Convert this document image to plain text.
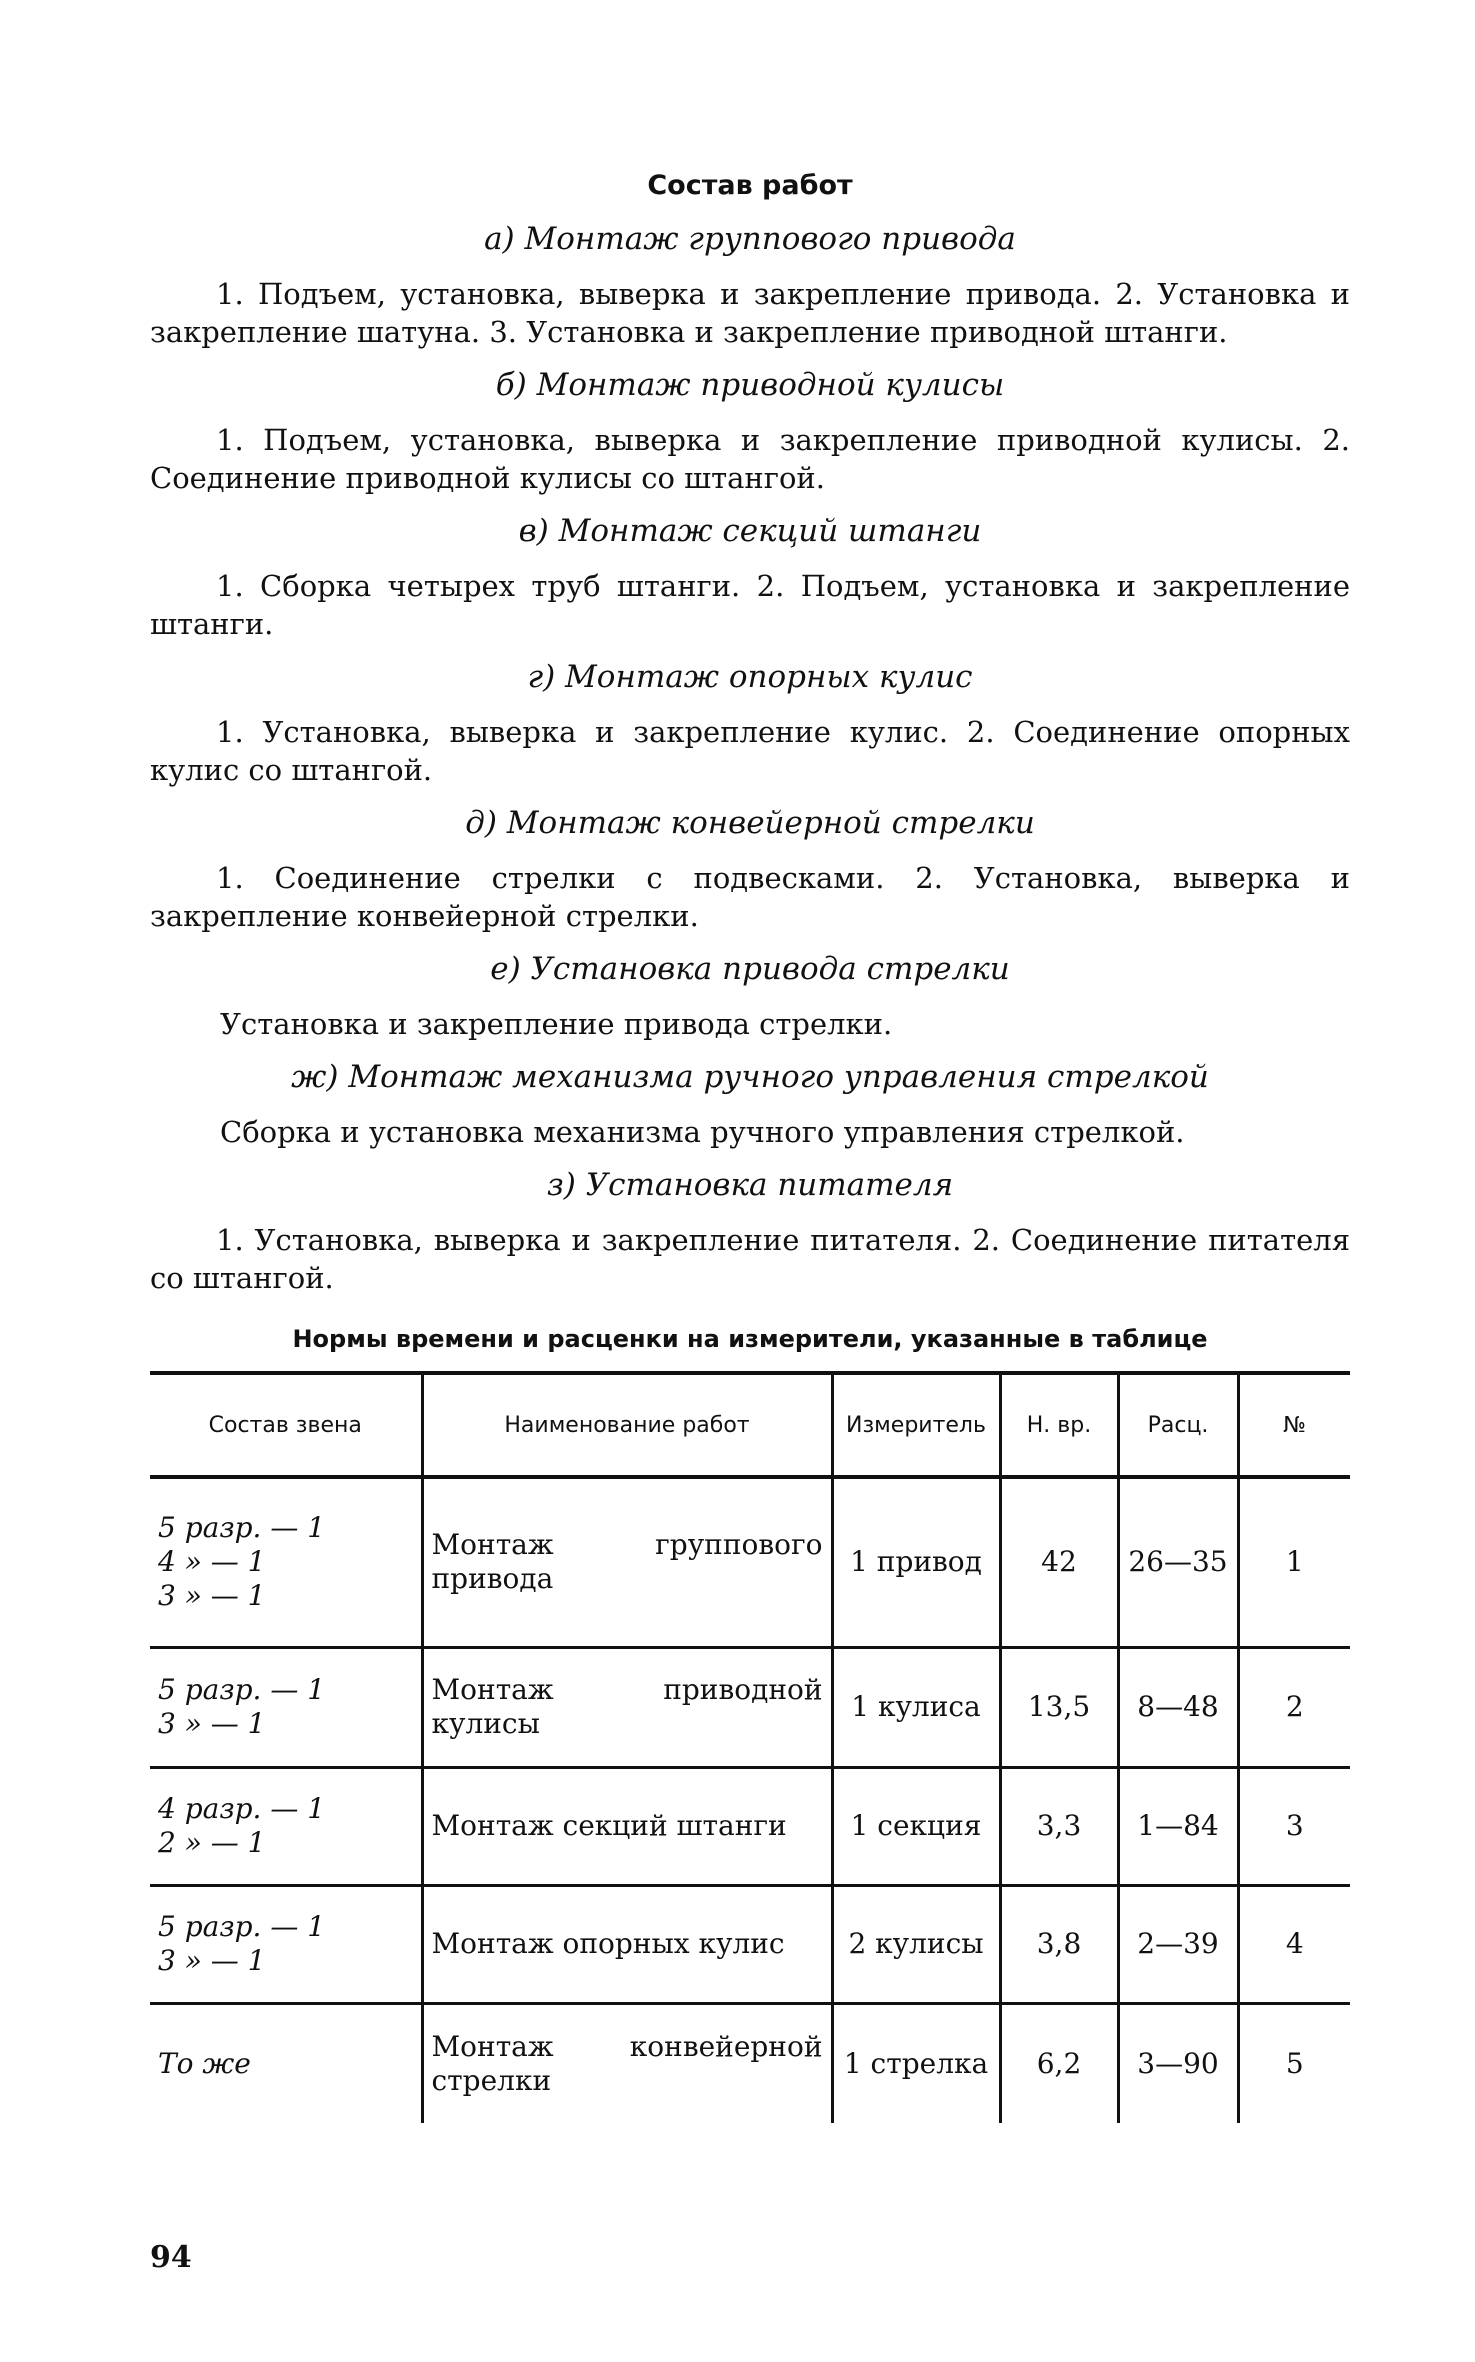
Состав работ
а) Монтаж группового привода

1. Подъем, установка, выверка и закрепление привода. 2. Установка и закрепление шатуна. 3. Установка и закрепление приводной штанги.

б) Монтаж приводной кулисы

1. Подъем, установка, выверка и закрепление приводной кулисы. 2. Соединение приводной кулисы со штангой.

в) Монтаж секций штанги

1. Сборка четырех труб штанги. 2. Подъем, установка и закрепление штанги.

г) Монтаж опорных кулис

1. Установка, выверка и закрепление кулис. 2. Соединение опорных кулис со штангой.

д) Монтаж конвейерной стрелки

1. Соединение стрелки с подвесками. 2. Установка, выверка и закрепление конвейерной стрелки.

е) Установка привода стрелки

Установка и закрепление привода стрелки.

ж) Монтаж механизма ручного управления стрелкой

Сборка и установка механизма ручного управления стрелкой.

з) Установка питателя

1. Установка, выверка и закрепление питателя. 2. Соединение питателя со штангой.

Нормы времени и расценки на измерители, указанные в таблице
Состав звена	Наименование работ	Измеритель	Н. вр.	Расц.	№
5 разр. — 1
4 » — 1
3 » — 1	Монтаж группового привода	1 привод	42	26—35	1
5 разр. — 1
3 » — 1	Монтаж приводной кулисы	1 кулиса	13,5	8—48	2
4 разр. — 1
2 » — 1	Монтаж секций штанги	1 секция	3,3	1—84	3
5 разр. — 1
3 » — 1	Монтаж опорных кулис	2 кулисы	3,8	2—39	4
То же	Монтаж конвейерной стрелки	1 стрелка	6,2	3—90	5
94
